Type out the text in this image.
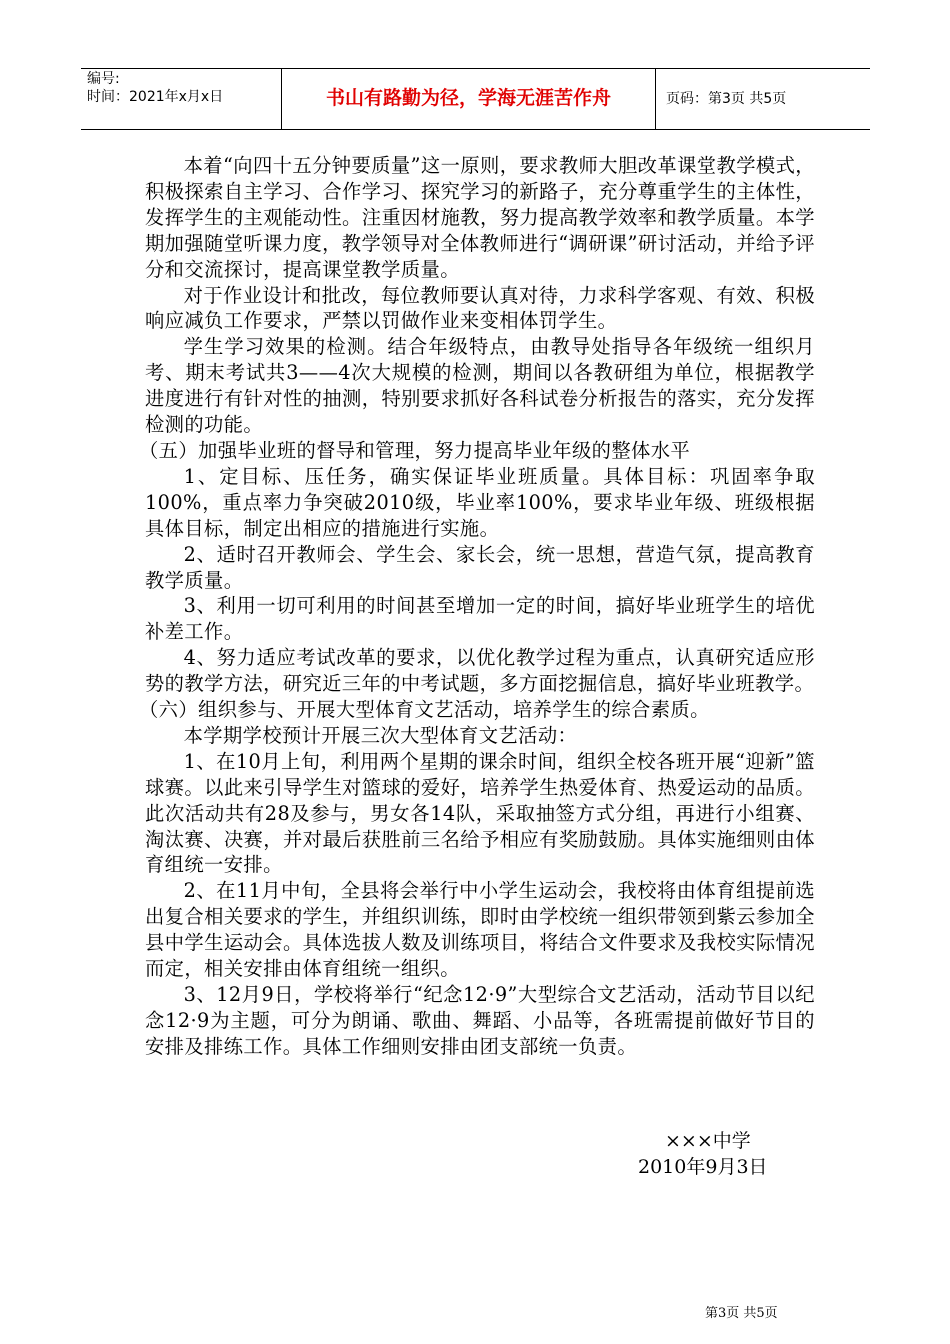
编号:
时间：2021年x月x日	书山有路勤为径，学海无涯苦作舟	页码：第3页 共5页

本着“向四十五分钟要质量”这一原则，要求教师大胆改革课堂教学模式，积极探索自主学习、合作学习、探究学习的新路子，充分尊重学生的主体性，发挥学生的主观能动性。注重因材施教，努力提高教学效率和教学质量。本学期加强随堂听课力度，教学领导对全体教师进行“调研课”研讨活动，并给予评分和交流探讨，提高课堂教学质量。

对于作业设计和批改，每位教师要认真对待，力求科学客观、有效、积极响应减负工作要求，严禁以罚做作业来变相体罚学生。

学生学习效果的检测。结合年级特点，由教导处指导各年级统一组织月考、期末考试共3——4次大规模的检测，期间以各教研组为单位，根据教学进度进行有针对性的抽测，特别要求抓好各科试卷分析报告的落实，充分发挥检测的功能。

（五）加强毕业班的督导和管理，努力提高毕业年级的整体水平

1、定目标、压任务，确实保证毕业班质量。具体目标：巩固率争取100%，重点率力争突破2010级，毕业率100%，要求毕业年级、班级根据具体目标，制定出相应的措施进行实施。

2、适时召开教师会、学生会、家长会，统一思想，营造气氛，提高教育教学质量。

3、利用一切可利用的时间甚至增加一定的时间，搞好毕业班学生的培优补差工作。

4、努力适应考试改革的要求，以优化教学过程为重点，认真研究适应形势的教学方法，研究近三年的中考试题，多方面挖掘信息，搞好毕业班教学。

（六）组织参与、开展大型体育文艺活动，培养学生的综合素质。

本学期学校预计开展三次大型体育文艺活动：

1、在10月上旬，利用两个星期的课余时间，组织全校各班开展“迎新”篮球赛。以此来引导学生对篮球的爱好，培养学生热爱体育、热爱运动的品质。此次活动共有28及参与，男女各14队，采取抽签方式分组，再进行小组赛、淘汰赛、决赛，并对最后获胜前三名给予相应有奖励鼓励。具体实施细则由体育组统一安排。

2、在11月中旬，全县将会举行中小学生运动会，我校将由体育组提前选出复合相关要求的学生，并组织训练，即时由学校统一组织带领到紫云参加全县中学生运动会。具体选拔人数及训练项目，将结合文件要求及我校实际情况而定，相关安排由体育组统一组织。

3、12月9日，学校将举行“纪念12·9”大型综合文艺活动，活动节目以纪念12·9为主题，可分为朗诵、歌曲、舞蹈、小品等，各班需提前做好节目的安排及排练工作。具体工作细则安排由团支部统一负责。

×××中学
2010年9月3日
第3页 共5页
